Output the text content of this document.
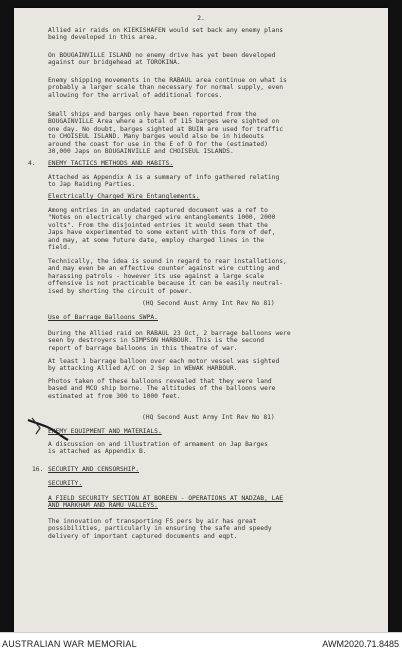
2.
Allied air raids on KIEKISHAFEN would set back any enemy plans
being developed in this area.
On BOUGAINVILLE ISLAND no enemy drive has yet been developed
against our bridgehead at TOROKINA.
Enemy shipping movements in the RABAUL area continue on what is
probably a larger scale than necessary for normal supply, even
allowing for the arrival of additional forces.
Small ships and barges only have been reported from the
BOUGAINVILLE Area where a total of 115 barges were sighted on
one day. No doubt, barges sighted at BUIN are used for traffic
to CHOISEUL ISLAND. Many barges would also be in hideouts
around the coast for use in the E of O for the (estimated)
30,000 Japs on BOUGAINVILLE and CHOISEUL ISLANDS.
4. ENEMY TACTICS METHODS AND HABITS.
Attached as Appendix A is a summary of info gathered relating
to Jap Raiding Parties.
Electrically Charged Wire Entanglements.
Among entries in an undated captured document was a ref to
"Notes on electrically charged wire entanglements 1000, 2000
volts". From the disjointed entries it would seem that the
Japs have experimented to some extent with this form of def,
and may, at some future date, employ charged lines in the
field.
Technically, the idea is sound in regard to rear installations,
and may even be an effective counter against wire cutting and
harassing patrols - however its use against a large scale
offensive is not practicable because it can be easily neutral-
ised by shorting the circuit of power.
(HQ Second Aust Army Int Rev No 81)
Use of Barrage Balloons SWPA.
During the Allied raid on RABAUL 23 Oct, 2 barrage balloons were
seen by destroyers in SIMPSON HARBOUR. This is the second
report of barrage balloons in this theatre of war.
At least 1 barrage balloon over each motor vessel was sighted
by attacking Allied A/C on 2 Sep in WEWAK HARBOUR.
Photos taken of these balloons revealed that they were land
based and MCO ship borne. The altitudes of the balloons were
estimated at from 300 to 1000 feet.
(HQ Second Aust Army Int Rev No 81)
ENEMY EQUIPMENT AND MATERIALS.
A discussion on and illustration of armament on Jap Barges
is attached as Appendix B.
16. SECURITY AND CENSORSHIP.
SECURITY.
A FIELD SECURITY SECTION AT BOREEN - OPERATIONS AT NADZAB, LAE
AND MARKHAM AND RAMU VALLEYS.
The innovation of transporting FS pers by air has great
possibilities, particularly in ensuring the safe and speedy
delivery of important captured documents and eqpt.
AUSTRALIAN WAR MEMORIAL	AWM2020.71.8485
